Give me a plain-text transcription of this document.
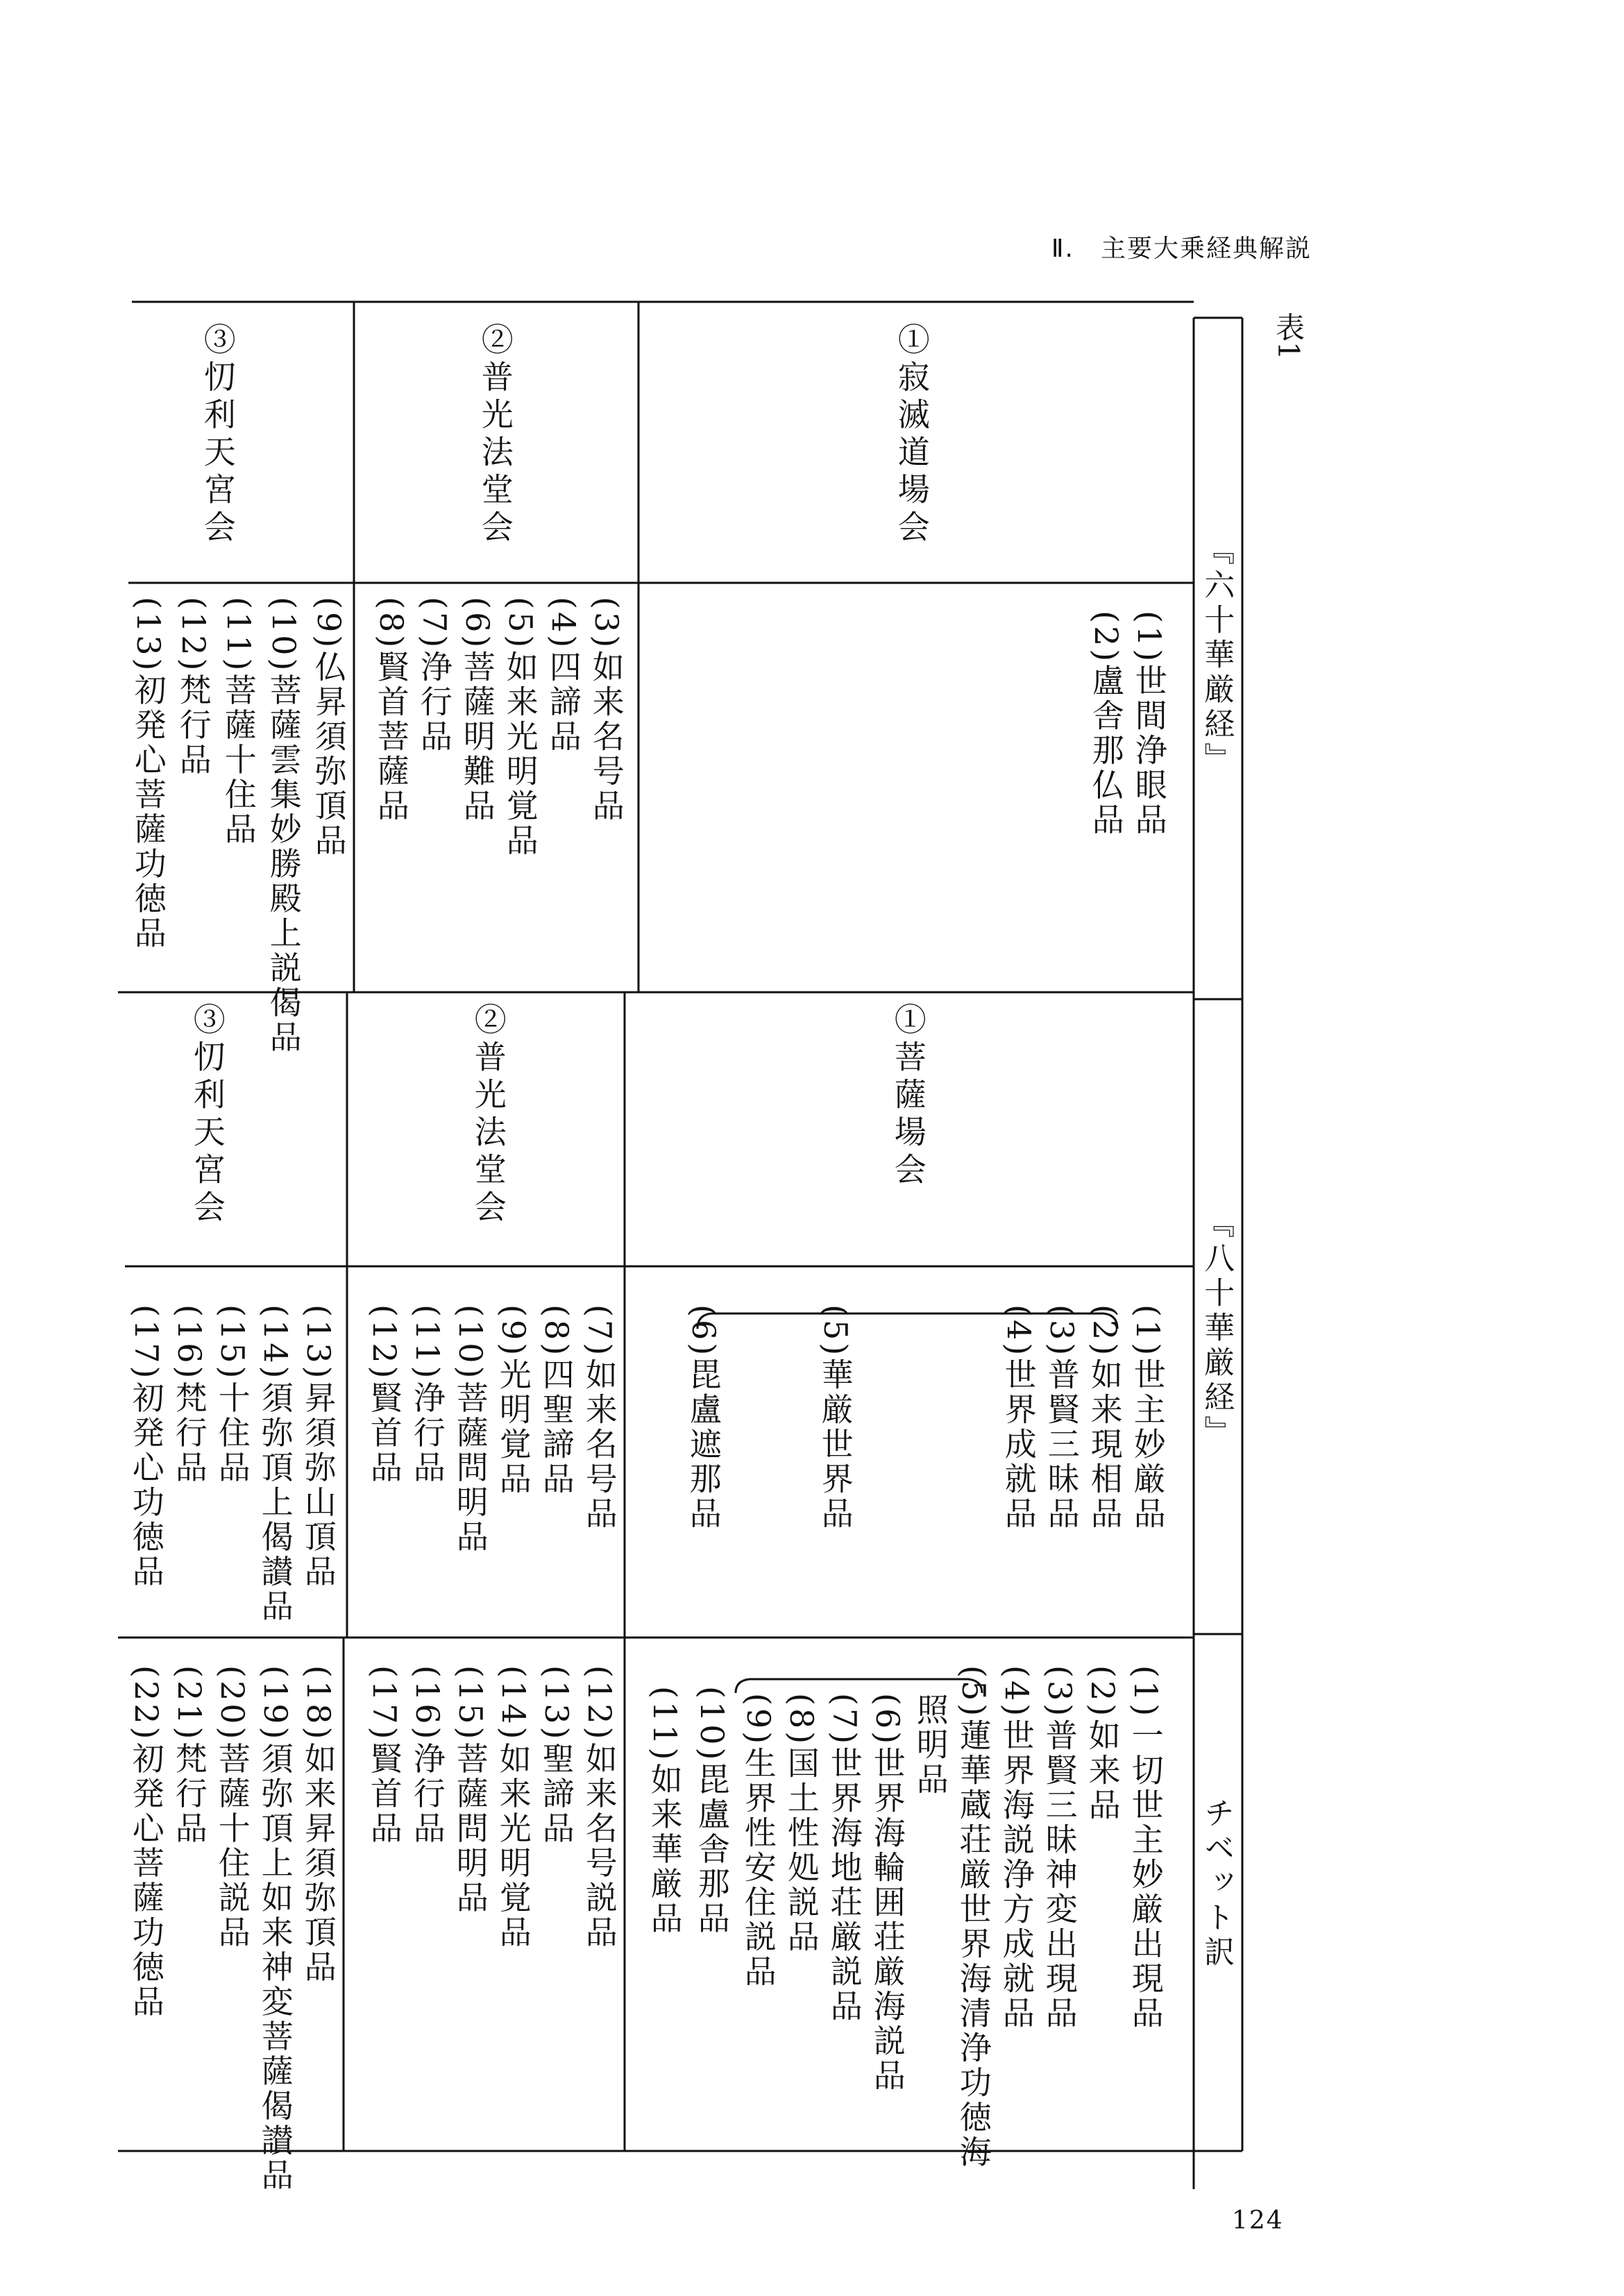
Ⅱ.　主要大乗経典解説
表1
『六十華厳経』
『八十華厳経』
チベット訳
①寂滅道場会
②普光法堂会
③忉利天宮会
(1)世間浄眼品
(2)盧舎那仏品
(3)如来名号品
(4)四諦品
(5)如来光明覚品
(6)菩薩明難品
(7)浄行品
(8)賢首菩薩品
(9)仏昇須弥頂品
(10)菩薩雲集妙勝殿上説偈品
(11)菩薩十住品
(12)梵行品
(13)初発心菩薩功徳品
①菩薩場会
②普光法堂会
③忉利天宮会
(1)世主妙厳品
(2)如来現相品
(3)普賢三昧品
(4)世界成就品
(5)華厳世界品
(6)毘盧遮那品
(7)如来名号品
(8)四聖諦品
(9)光明覚品
(10)菩薩問明品
(11)浄行品
(12)賢首品
(13)昇須弥山頂品
(14)須弥頂上偈讃品
(15)十住品
(16)梵行品
(17)初発心功徳品
(1)一切世主妙厳出現品
(2)如来品
(3)普賢三昧神変出現品
(4)世界海説浄方成就品
(5)蓮華蔵荘厳世界海清浄功徳海
照明品
(6)世界海輪囲荘厳海説品
(7)世界海地荘厳説品
(8)国土性処説品
(9)生界性安住説品
(10)毘盧舎那品
(11)如来華厳品
(12)如来名号説品
(13)聖諦品
(14)如来光明覚品
(15)菩薩問明品
(16)浄行品
(17)賢首品
(18)如来昇須弥頂品
(19)須弥頂上如来神変菩薩偈讃品
(20)菩薩十住説品
(21)梵行品
(22)初発心菩薩功徳品
124
